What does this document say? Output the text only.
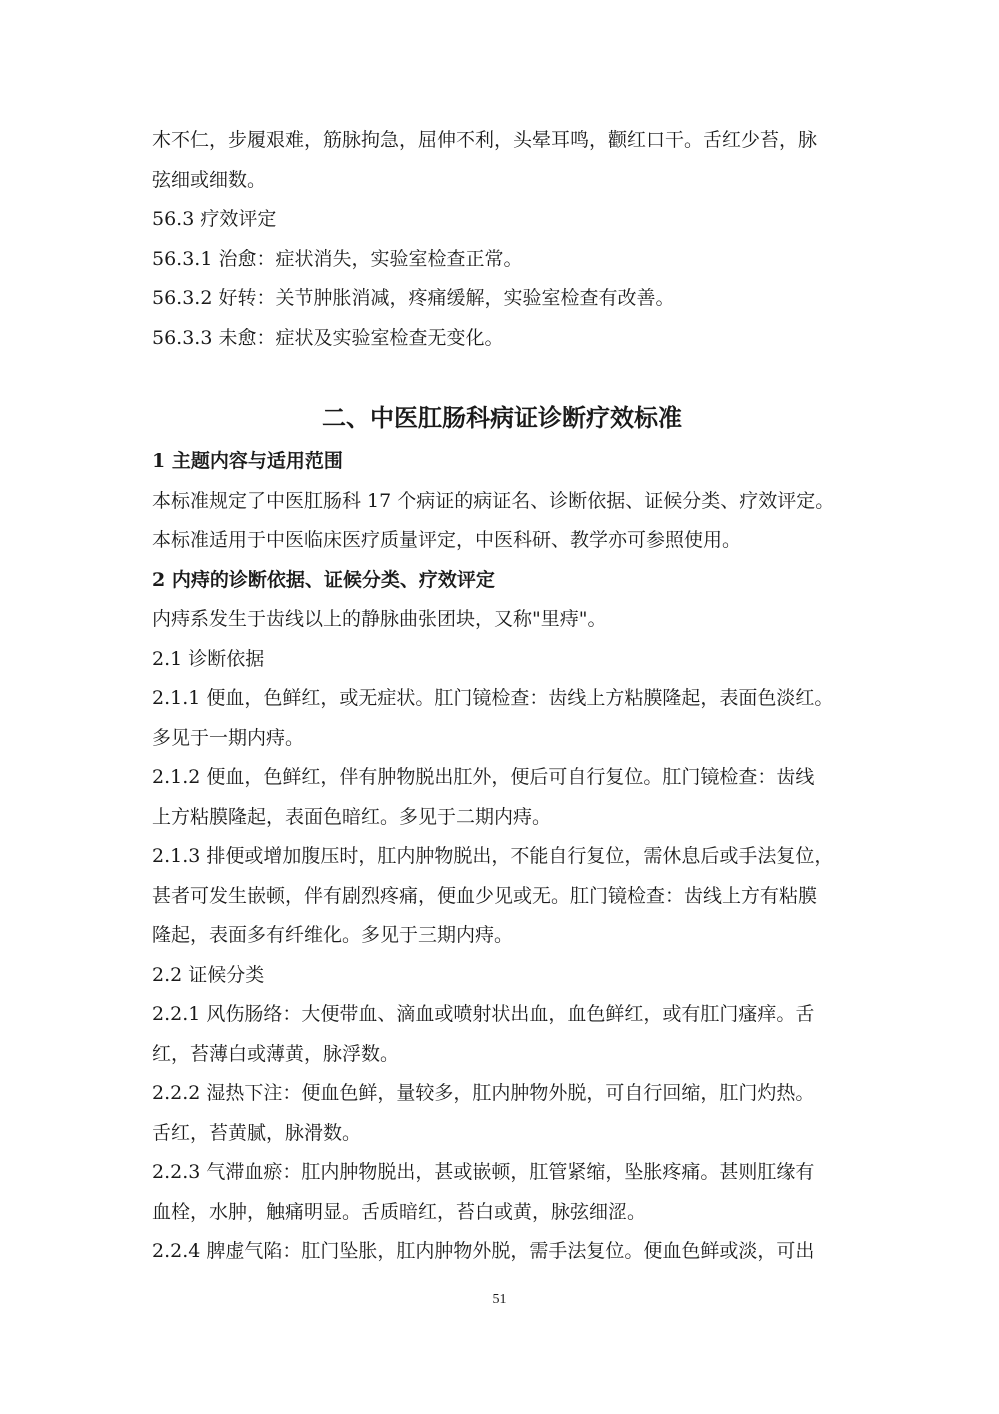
木不仁，步履艰难，筋脉拘急，屈伸不利，头晕耳鸣，颧红口干。舌红少苔，脉
弦细或细数。
56.3 疗效评定
56.3.1 治愈：症状消失，实验室检查正常。
56.3.2 好转：关节肿胀消减，疼痛缓解，实验室检查有改善。
56.3.3 未愈：症状及实验室检查无变化。
二、中医肛肠科病证诊断疗效标准
1 主题内容与适用范围
本标准规定了中医肛肠科 17 个病证的病证名、诊断依据、证候分类、疗效评定。
本标准适用于中医临床医疗质量评定，中医科研、教学亦可参照使用。
2 内痔的诊断依据、证候分类、疗效评定
内痔系发生于齿线以上的静脉曲张团块，又称"里痔"。
2.1 诊断依据
2.1.1 便血，色鲜红，或无症状。肛门镜检查：齿线上方粘膜隆起，表面色淡红。
多见于一期内痔。
2.1.2 便血，色鲜红，伴有肿物脱出肛外，便后可自行复位。肛门镜检查：齿线
上方粘膜隆起，表面色暗红。多见于二期内痔。
2.1.3 排便或增加腹压时，肛内肿物脱出，不能自行复位，需休息后或手法复位，
甚者可发生嵌顿，伴有剧烈疼痛，便血少见或无。肛门镜检查：齿线上方有粘膜
隆起，表面多有纤维化。多见于三期内痔。
2.2 证候分类
2.2.1 风伤肠络：大便带血、滴血或喷射状出血，血色鲜红，或有肛门瘙痒。舌
红，苔薄白或薄黄，脉浮数。
2.2.2 湿热下注：便血色鲜，量较多，肛内肿物外脱，可自行回缩，肛门灼热。
舌红，苔黄腻，脉滑数。
2.2.3 气滞血瘀：肛内肿物脱出，甚或嵌顿，肛管紧缩，坠胀疼痛。甚则肛缘有
血栓，水肿，触痛明显。舌质暗红，苔白或黄，脉弦细涩。
2.2.4 脾虚气陷：肛门坠胀，肛内肿物外脱，需手法复位。便血色鲜或淡，可出
51
